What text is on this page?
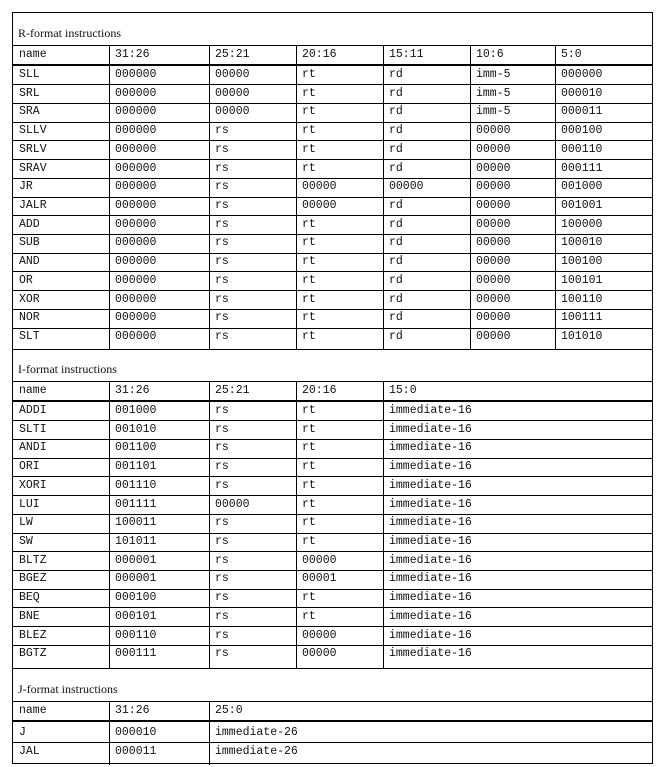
R-format instructions
name	31:26	25:21	20:16	15:11	10:6	5:0
SLL	000000	00000	rt	rd	imm-5	000000
SRL	000000	00000	rt	rd	imm-5	000010
SRA	000000	00000	rt	rd	imm-5	000011
SLLV	000000	rs	rt	rd	00000	000100
SRLV	000000	rs	rt	rd	00000	000110
SRAV	000000	rs	rt	rd	00000	000111
JR	000000	rs	00000	00000	00000	001000
JALR	000000	rs	00000	rd	00000	001001
ADD	000000	rs	rt	rd	00000	100000
SUB	000000	rs	rt	rd	00000	100010
AND	000000	rs	rt	rd	00000	100100
OR	000000	rs	rt	rd	00000	100101
XOR	000000	rs	rt	rd	00000	100110
NOR	000000	rs	rt	rd	00000	100111
SLT	000000	rs	rt	rd	00000	101010
I-format instructions
name	31:26	25:21	20:16	15:0
ADDI	001000	rs	rt	immediate-16
SLTI	001010	rs	rt	immediate-16
ANDI	001100	rs	rt	immediate-16
ORI	001101	rs	rt	immediate-16
XORI	001110	rs	rt	immediate-16
LUI	001111	00000	rt	immediate-16
LW	100011	rs	rt	immediate-16
SW	101011	rs	rt	immediate-16
BLTZ	000001	rs	00000	immediate-16
BGEZ	000001	rs	00001	immediate-16
BEQ	000100	rs	rt	immediate-16
BNE	000101	rs	rt	immediate-16
BLEZ	000110	rs	00000	immediate-16
BGTZ	000111	rs	00000	immediate-16
J-format instructions
name	31:26	25:0
J	000010	immediate-26
JAL	000011	immediate-26
